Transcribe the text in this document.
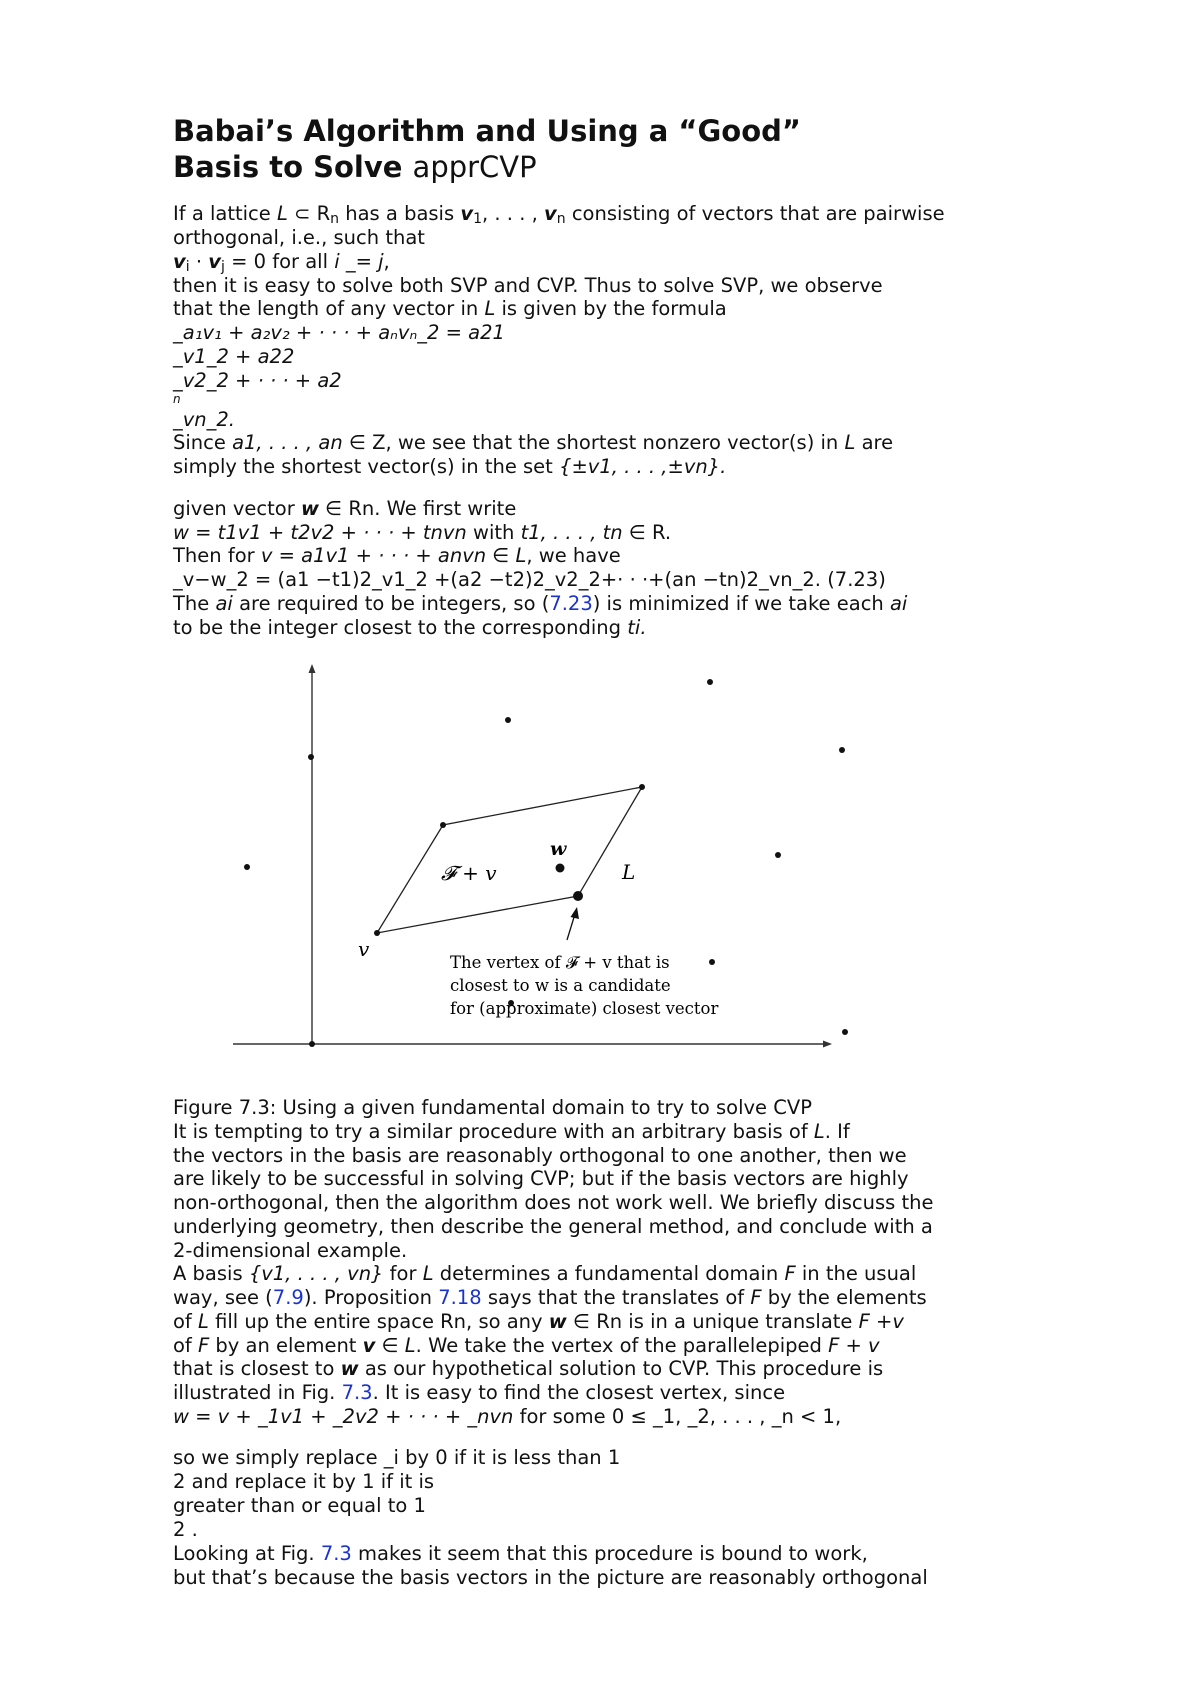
Babai’s Algorithm and Using a “Good”
Basis to Solve apprCVP
If a lattice L ⊂ $R_n$ has a basis $v_1$, . . . , $v_n$ consisting of vectors that are pairwise
orthogonal, i.e., such that
$v_i \cdot v_j = 0$ for all i _= j,
then it is easy to solve both SVP and CVP. Thus to solve SVP, we observe
that the length of any vector in L is given by the formula
_a₁v₁ + a₂v₂ + · · · + aₙvₙ_2 = a21
_v1_2 + a22
_v2_2 + · · · + a2
n
_vn_2.
Since a1, . . . , an ∈ Z, we see that the shortest nonzero vector(s) in L are
simply the shortest vector(s) in the set {±v1, . . . ,±vn}.
given vector w ∈ Rn. We first write
w = t1v1 + t2v2 + · · · + tnvn with t1, . . . , tn ∈ R.
Then for v = a1v1 + · · · + anvn ∈ L, we have
_v−w_2 = (a1 −t1)2_v1_2 +(a2 −t2)2_v2_2+· · ·+(an −tn)2_vn_2. (7.23)
The ai are required to be integers, so (7.23) is minimized if we take each ai
to be the integer closest to the corresponding ti.
w
𝓕 + v	L
v
The vertex of 𝓕 + v that is
closest to w is a candidate
for (approximate) closest vector
Figure 7.3: Using a given fundamental domain to try to solve CVP
It is tempting to try a similar procedure with an arbitrary basis of L. If
the vectors in the basis are reasonably orthogonal to one another, then we
are likely to be successful in solving CVP; but if the basis vectors are highly
non-orthogonal, then the algorithm does not work well. We briefly discuss the
underlying geometry, then describe the general method, and conclude with a
2-dimensional example.
A basis {v1, . . . , vn} for L determines a fundamental domain F in the usual
way, see (7.9). Proposition 7.18 says that the translates of F by the elements
of L fill up the entire space Rn, so any w ∈ Rn is in a unique translate F +v
of F by an element v ∈ L. We take the vertex of the parallelepiped F + v
that is closest to w as our hypothetical solution to CVP. This procedure is
illustrated in Fig. 7.3. It is easy to find the closest vertex, since
w = v + _1v1 + _2v2 + · · · + _nvn for some 0 ≤ _1, _2, . . . , _n < 1,
so we simply replace _i by 0 if it is less than 1
2 and replace it by 1 if it is
greater than or equal to 1
2 .
Looking at Fig. 7.3 makes it seem that this procedure is bound to work,
but that’s because the basis vectors in the picture are reasonably orthogonal
